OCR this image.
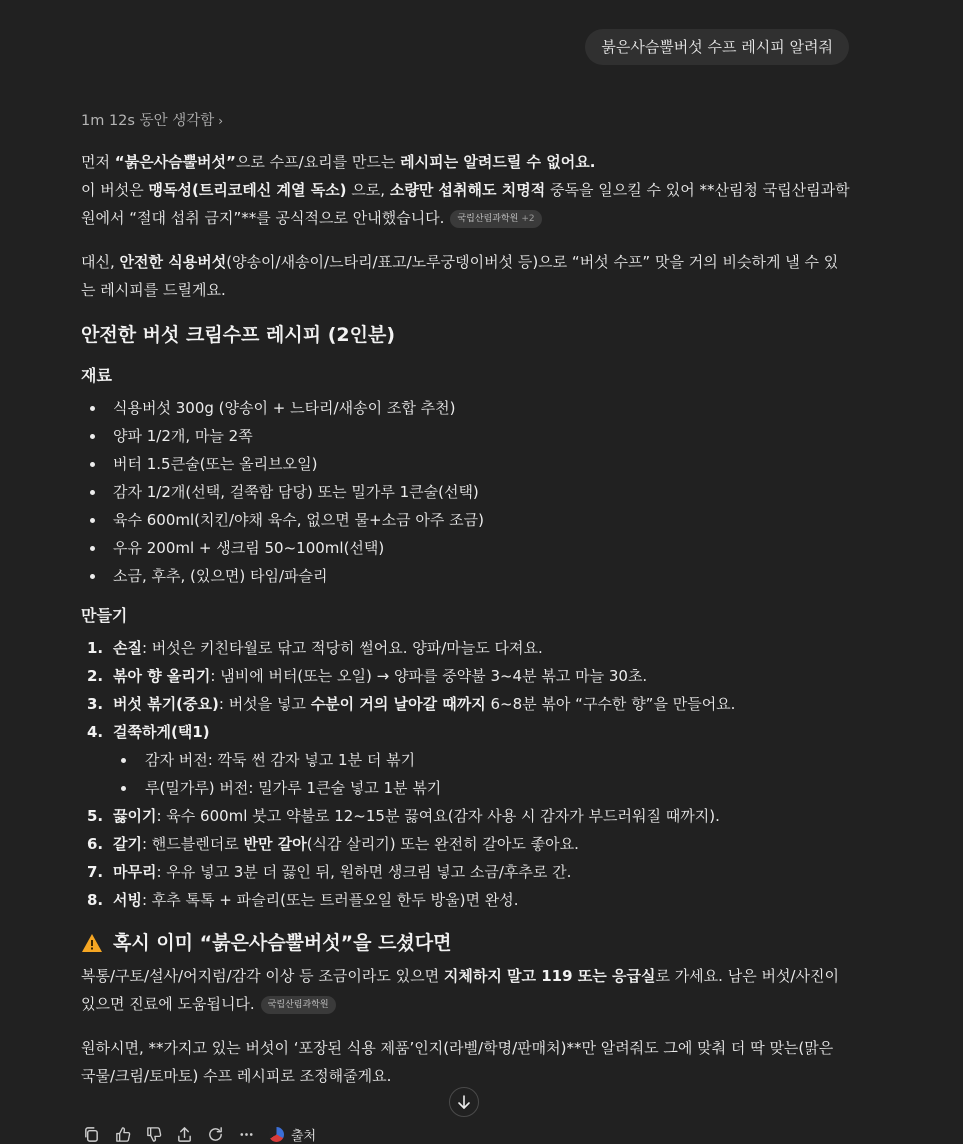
붉은사슴뿔버섯 수프 레시피 알려줘
1m 12s 동안 생각함 ›

먼저 “붉은사슴뿔버섯”으로 수프/요리를 만드는 레시피는 알려드릴 수 없어요.
이 버섯은 맹독성(트리코테신 계열 독소) 으로, 소량만 섭취해도 치명적 중독을 일으킬 수 있어 **산림청 국립산림과학원에서 “절대 섭취 금지”**를 공식적으로 안내했습니다. 국립산림과학원 +2

대신, 안전한 식용버섯(양송이/새송이/느타리/표고/노루궁뎅이버섯 등)으로 “버섯 수프” 맛을 거의 비슷하게 낼 수 있는 레시피를 드릴게요.

안전한 버섯 크림수프 레시피 (2인분)
재료
식용버섯 300g (양송이 + 느타리/새송이 조합 추천)
양파 1/2개, 마늘 2쪽
버터 1.5큰술(또는 올리브오일)
감자 1/2개(선택, 걸쭉함 담당) 또는 밀가루 1큰술(선택)
육수 600ml(치킨/야채 육수, 없으면 물+소금 아주 조금)
우유 200ml + 생크림 50~100ml(선택)
소금, 후추, (있으면) 타임/파슬리
만들기
1. 손질: 버섯은 키친타월로 닦고 적당히 썰어요. 양파/마늘도 다져요.
2. 볶아 향 올리기: 냄비에 버터(또는 오일) → 양파를 중약불 3~4분 볶고 마늘 30초.
3. 버섯 볶기(중요): 버섯을 넣고 수분이 거의 날아갈 때까지 6~8분 볶아 “구수한 향”을 만들어요.
4. 걸쭉하게(택1)
감자 버전: 깍둑 썬 감자 넣고 1분 더 볶기
루(밀가루) 버전: 밀가루 1큰술 넣고 1분 볶기
5. 끓이기: 육수 600ml 붓고 약불로 12~15분 끓여요(감자 사용 시 감자가 부드러워질 때까지).
6. 갈기: 핸드블렌더로 반만 갈아(식감 살리기) 또는 완전히 갈아도 좋아요.
7. 마무리: 우유 넣고 3분 더 끓인 뒤, 원하면 생크림 넣고 소금/후추로 간.
8. 서빙: 후추 톡톡 + 파슬리(또는 트러플오일 한두 방울)면 완성.
혹시 이미 “붉은사슴뿔버섯”을 드셨다면

복통/구토/설사/어지럼/감각 이상 등 조금이라도 있으면 지체하지 말고 119 또는 응급실로 가세요. 남은 버섯/사진이 있으면 진료에 도움됩니다. 국립산림과학원

원하시면, **가지고 있는 버섯이 ‘포장된 식용 제품’인지(라벨/학명/판매처)**만 알려줘도 그에 맞춰 더 딱 맞는(맑은 국물/크림/토마토) 수프 레시피로 조정해줄게요.

출처
